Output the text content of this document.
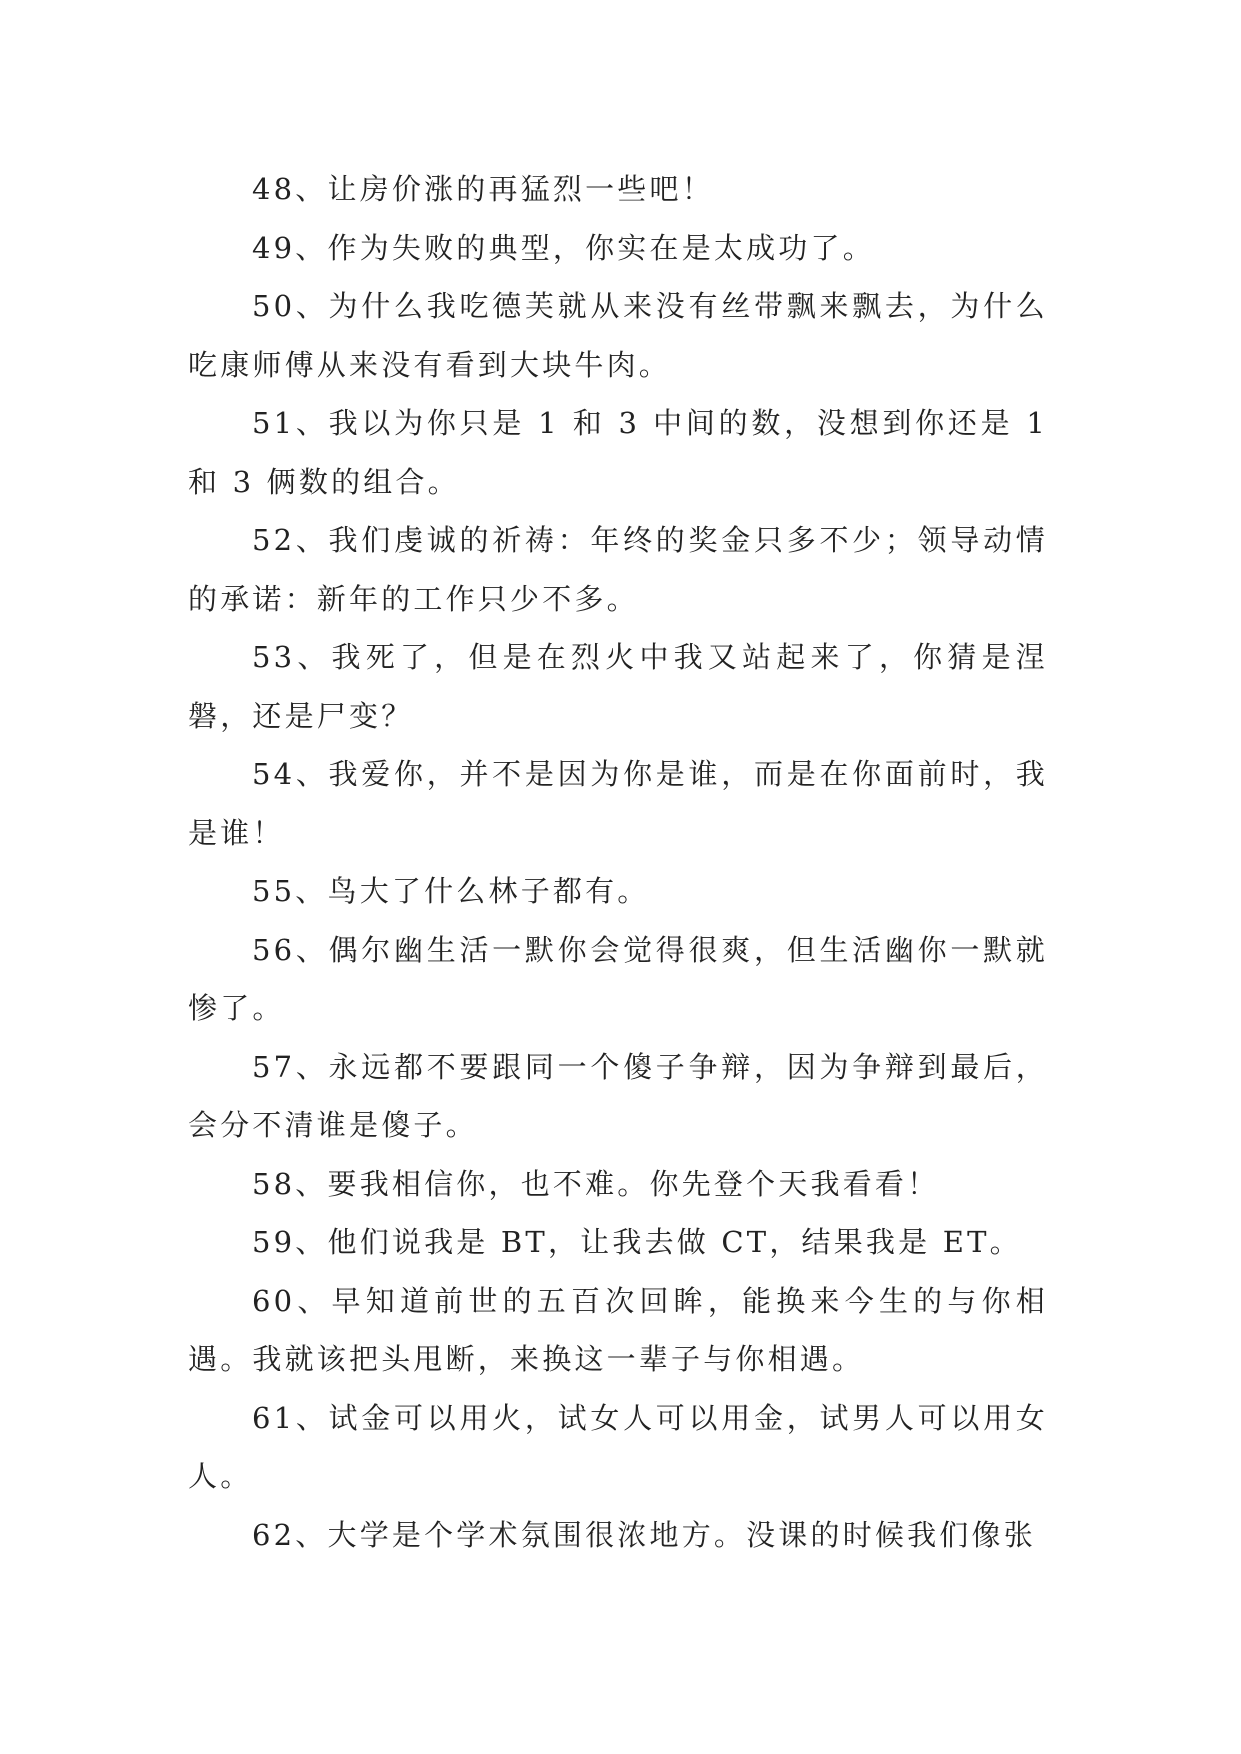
48、让房价涨的再猛烈一些吧！

49、作为失败的典型，你实在是太成功了。

50、为什么我吃德芙就从来没有丝带飘来飘去，为什么吃康师傅从来没有看到大块牛肉。

51、我以为你只是 1 和 3 中间的数，没想到你还是 1 和 3 俩数的组合。

52、我们虔诚的祈祷：年终的奖金只多不少；领导动情的承诺：新年的工作只少不多。

53、我死了，但是在烈火中我又站起来了，你猜是涅磐，还是尸变？

54、我爱你，并不是因为你是谁，而是在你面前时，我是谁！

55、鸟大了什么林子都有。

56、偶尔幽生活一默你会觉得很爽，但生活幽你一默就惨了。

57、永远都不要跟同一个傻子争辩，因为争辩到最后，会分不清谁是傻子。

58、要我相信你，也不难。你先登个天我看看！

59、他们说我是 BT，让我去做 CT，结果我是 ET。

60、早知道前世的五百次回眸，能换来今生的与你相遇。我就该把头甩断，来换这一辈子与你相遇。

61、试金可以用火，试女人可以用金，试男人可以用女人。

62、大学是个学术氛围很浓地方。没课的时候我们像张
